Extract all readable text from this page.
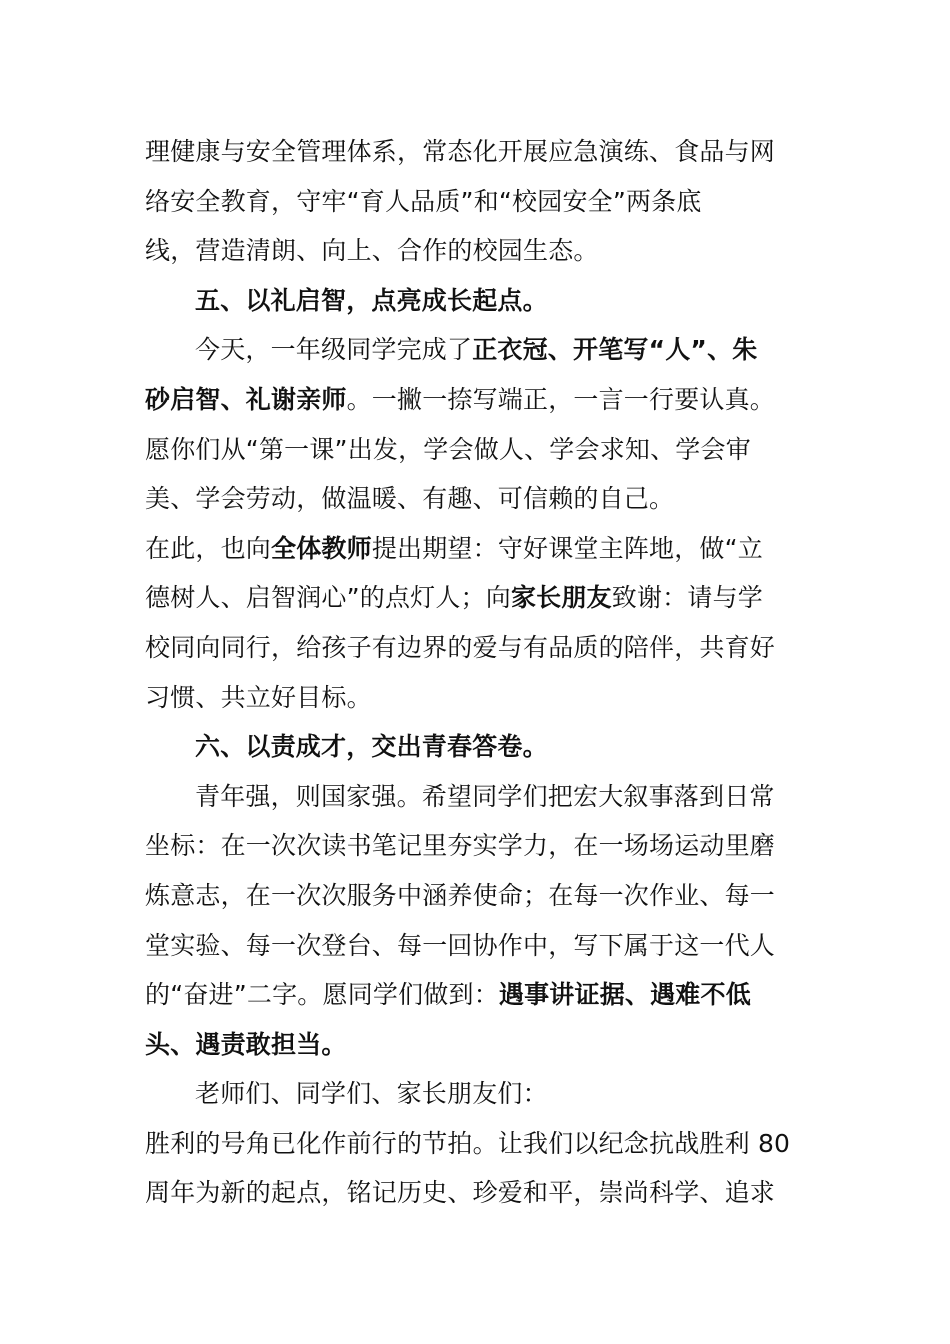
理健康与安全管理体系，常态化开展应急演练、食品与网
络安全教育，守牢“育人品质”和“校园安全”两条底
线，营造清朗、向上、合作的校园生态。
五、以礼启智，点亮成长起点。
今天，一年级同学完成了正衣冠、开笔写“人”、朱
砂启智、礼谢亲师。一撇一捺写端正，一言一行要认真。
愿你们从“第一课”出发，学会做人、学会求知、学会审
美、学会劳动，做温暖、有趣、可信赖的自己。
在此，也向全体教师提出期望：守好课堂主阵地，做“立
德树人、启智润心”的点灯人；向家长朋友致谢：请与学
校同向同行，给孩子有边界的爱与有品质的陪伴，共育好
习惯、共立好目标。
六、以责成才，交出青春答卷。
青年强，则国家强。希望同学们把宏大叙事落到日常
坐标：在一次次读书笔记里夯实学力，在一场场运动里磨
炼意志，在一次次服务中涵养使命；在每一次作业、每一
堂实验、每一次登台、每一回协作中，写下属于这一代人
的“奋进”二字。愿同学们做到：遇事讲证据、遇难不低
头、遇责敢担当。
老师们、同学们、家长朋友们：
胜利的号角已化作前行的节拍。让我们以纪念抗战胜利 80
周年为新的起点，铭记历史、珍爱和平，崇尚科学、追求
